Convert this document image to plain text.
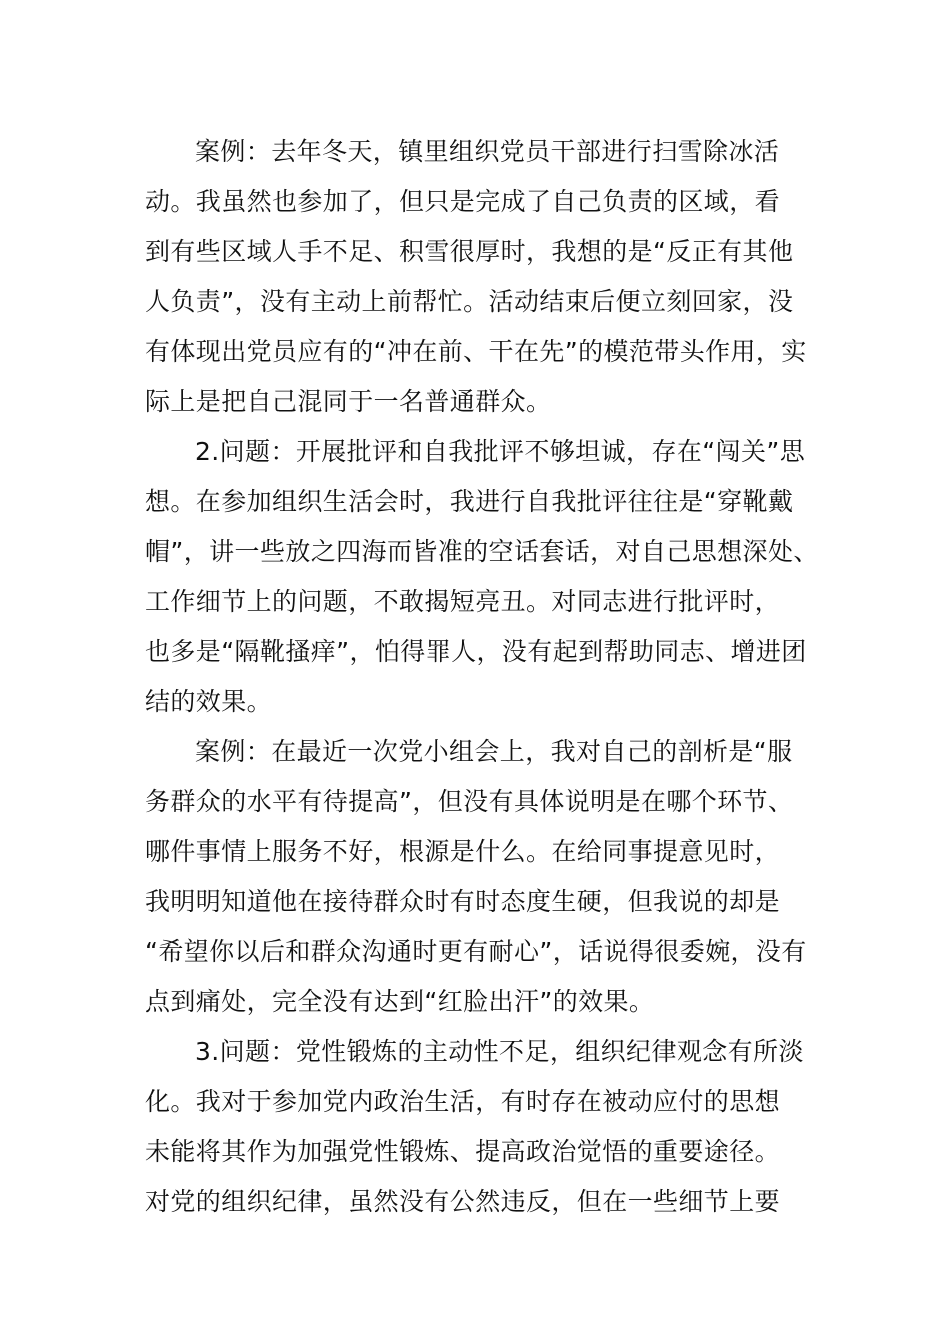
案例：去年冬天，镇里组织党员干部进行扫雪除冰活
动。我虽然也参加了，但只是完成了自己负责的区域，看
到有些区域人手不足、积雪很厚时，我想的是“反正有其他
人负责”，没有主动上前帮忙。活动结束后便立刻回家，没
有体现出党员应有的“冲在前、干在先”的模范带头作用，实
际上是把自己混同于一名普通群众。
2.问题：开展批评和自我批评不够坦诚，存在“闯关”思
想。在参加组织生活会时，我进行自我批评往往是“穿靴戴
帽”，讲一些放之四海而皆准的空话套话，对自己思想深处、
工作细节上的问题，不敢揭短亮丑。对同志进行批评时，
也多是“隔靴搔痒”，怕得罪人，没有起到帮助同志、增进团
结的效果。
案例：在最近一次党小组会上，我对自己的剖析是“服
务群众的水平有待提高”，但没有具体说明是在哪个环节、
哪件事情上服务不好，根源是什么。在给同事提意见时，
我明明知道他在接待群众时有时态度生硬，但我说的却是
“希望你以后和群众沟通时更有耐心”，话说得很委婉，没有
点到痛处，完全没有达到“红脸出汗”的效果。
3.问题：党性锻炼的主动性不足，组织纪律观念有所淡
化。我对于参加党内政治生活，有时存在被动应付的思想
未能将其作为加强党性锻炼、提高政治觉悟的重要途径。
对党的组织纪律，虽然没有公然违反，但在一些细节上要
